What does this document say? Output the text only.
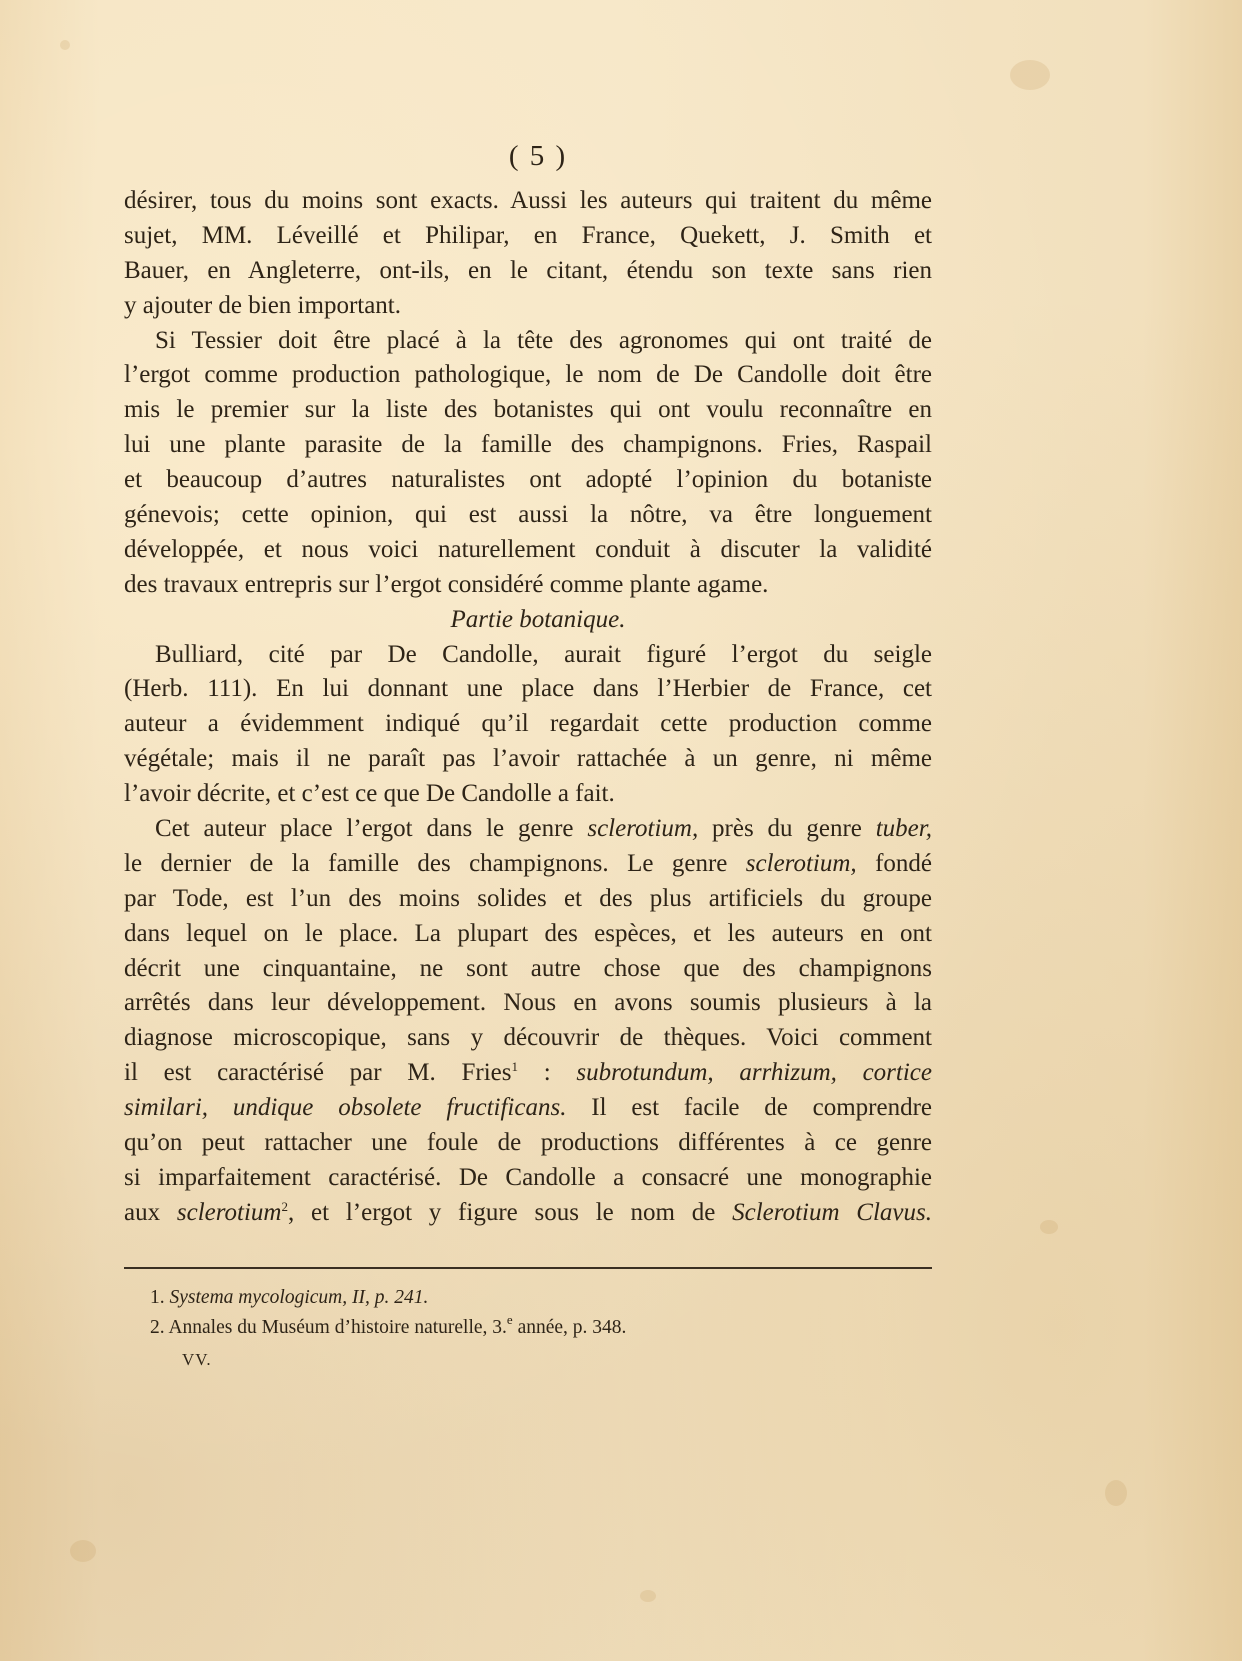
( 5 )
désirer, tous du moins sont exacts. Aussi les auteurs qui traitent du même
sujet, MM. Léveillé et Philipar, en France, Quekett, J. Smith et
Bauer, en Angleterre, ont-ils, en le citant, étendu son texte sans rien
y ajouter de bien important.
Si Tessier doit être placé à la tête des agronomes qui ont traité de
l’ergot comme production pathologique, le nom de De Candolle doit être
mis le premier sur la liste des botanistes qui ont voulu reconnaître en
lui une plante parasite de la famille des champignons. Fries, Raspail
et beaucoup d’autres naturalistes ont adopté l’opinion du botaniste
génevois; cette opinion, qui est aussi la nôtre, va être longuement
développée, et nous voici naturellement conduit à discuter la validité
des travaux entrepris sur l’ergot considéré comme plante agame.
Partie botanique.
Bulliard, cité par De Candolle, aurait figuré l’ergot du seigle
(Herb. 111). En lui donnant une place dans l’Herbier de France, cet
auteur a évidemment indiqué qu’il regardait cette production comme
végétale; mais il ne paraît pas l’avoir rattachée à un genre, ni même
l’avoir décrite, et c’est ce que De Candolle a fait.
Cet auteur place l’ergot dans le genre sclerotium, près du genre tuber,
le dernier de la famille des champignons. Le genre sclerotium, fondé
par Tode, est l’un des moins solides et des plus artificiels du groupe
dans lequel on le place. La plupart des espèces, et les auteurs en ont
décrit une cinquantaine, ne sont autre chose que des champignons
arrêtés dans leur développement. Nous en avons soumis plusieurs à la
diagnose microscopique, sans y découvrir de thèques. Voici comment
il est caractérisé par M. Fries$^1$ : subrotundum, arrhizum, cortice
similari, undique obsolete fructificans. Il est facile de comprendre
qu’on peut rattacher une foule de productions différentes à ce genre
si imparfaitement caractérisé. De Candolle a consacré une monographie
aux sclerotium$^2$, et l’ergot y figure sous le nom de Sclerotium Clavus.
1. Systema mycologicum, II, p. 241.
2. Annales du Muséum d’histoire naturelle, 3.$^e$ année, p. 348.
VV.
